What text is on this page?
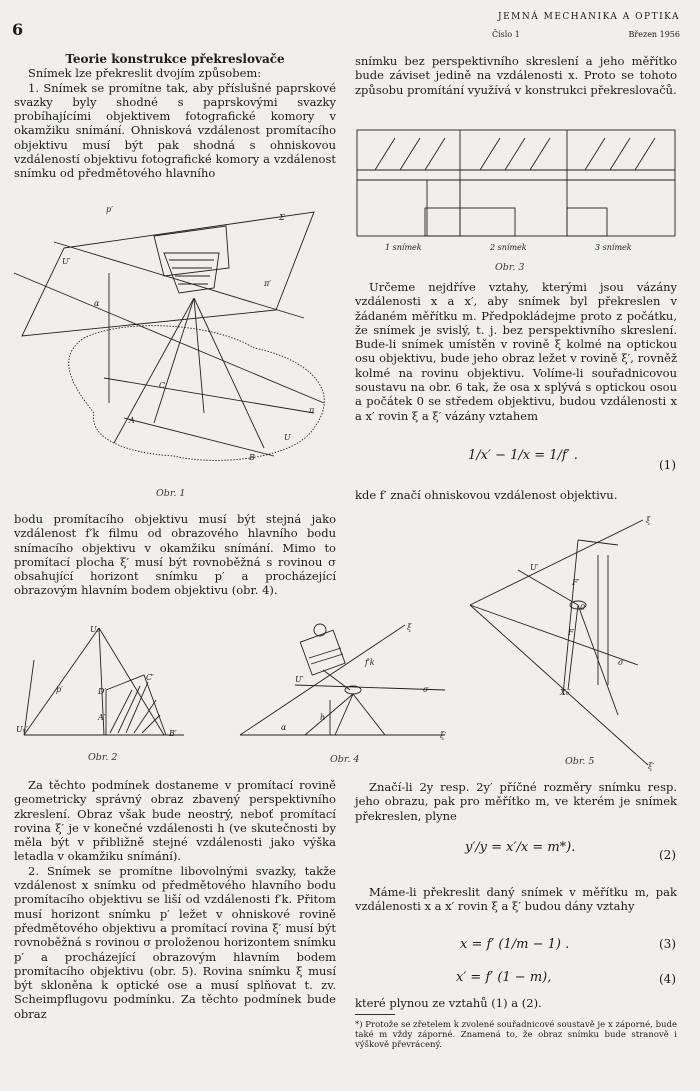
6
JEMNÁ MECHANIKA A OPTIKA
Číslo 1	Březen 1956

Teorie konstrukce překreslovače

Snímek lze překreslit dvojím způsobem:

1. Snímek se promítne tak, aby příslušné paprskové svazky byly shodné s paprskovými svazky probíhajícími objektivem fotografické komory v okamžiku snímání. Ohnisková vzdálenost promítacího objektivu musí být pak shodná s ohniskovou vzdáleností objektivu fotografické komory a vzdálenost snímku od předmětového hlavního

p′
Σ
U′
π′
α
C
A
B
π
U
Obr. 1

bodu promítacího objektivu musí být stejná jako vzdálenost f′k filmu od obrazového hlavního bodu snímacího objektivu v okamžiku snímání. Mimo to promítací plocha ξ′ musí být rovnoběžná s rovinou σ obsahující horizont snímku p′ a procházející obrazovým hlavním bodem objektivu (obr. 4).

snímku bez perspektivního skreslení a jeho měřítko bude záviset jedině na vzdálenosti x. Proto se tohoto způsobu promítání využívá v konstrukci překreslovačů.

1 snímek	2 snímek	3 snímek
Obr. 3

Určeme nejdříve vztahy, kterými jsou vázány vzdálenosti x a x′, aby snímek byl překreslen v žádaném měřítku m. Předpokládejme proto z počátku, že snímek je svislý, t. j. bez perspektivního skreslení. Bude-li snímek umístěn v rovině ξ kolmé na optickou osu objektivu, bude jeho obraz ležet v rovině ξ′, rovněž kolmé na rovinu objektivu. Volíme-li souřadnicovou soustavu na obr. 6 tak, že osa x splývá s optickou osou a počátek 0 se středem objektivu, budou vzdálenosti x a x′ rovin ξ a ξ′ vázány vztahem

1/x′ − 1/x = 1/f′ .
(1)

kde f′ značí ohniskovou vzdálenost objektivu.

U₀
p′	D′
C′
B′
U₀′
A′
Obr. 2
ξ
U′
α
h
σ
ξ′
f′k
Obr. 4
ξ
U′
0
F′
F
X₀′
σ
ξ′
Obr. 5

Za těchto podmínek dostaneme v promítací rovině geometricky správný obraz zbavený perspektivního zkreslení. Obraz však bude neostrý, neboť promítací rovina ξ′ je v konečné vzdálenosti h (ve skutečnosti by měla být v přibližně stejné vzdálenosti jako výška letadla v okamžiku snímání).

2. Snímek se promítne libovolnými svazky, takže vzdálenost x snímku od předmětového hlavního bodu promítacího objektivu se liší od vzdálenosti f′k. Přitom musí horizont snímku p′ ležet v ohniskové rovině předmětového objektivu a promítací rovina ξ′ musí být rovnoběžná s rovinou σ proloženou horizontem snímku p′ a procházející obrazovým hlavním bodem promítacího objektivu (obr. 5). Rovina snímku ξ musí být skloněna k optické ose a musí splňovat t. zv. Scheimpflugovu podmínku. Za těchto podmínek bude obraz

Značí-li 2y resp. 2y′ příčné rozměry snímku resp. jeho obrazu, pak pro měřítko m, ve kterém je snímek překreslen, plyne

y′/y = x′/x = m*).	(2)

Máme-li překreslit daný snímek v měřítku m, pak vzdálenosti x a x′ rovin ξ a ξ′ budou dány vztahy

x = f′ (1/m − 1) .	(3)
x′ = f′ (1 − m),	(4)

které plynou ze vztahů (1) a (2).

*) Protože se zřetelem k zvolené souřadnicové soustavě je x záporné, bude také m vždy záporné. Znamená to, že obraz snímku bude stranově i výškově převrácený.
